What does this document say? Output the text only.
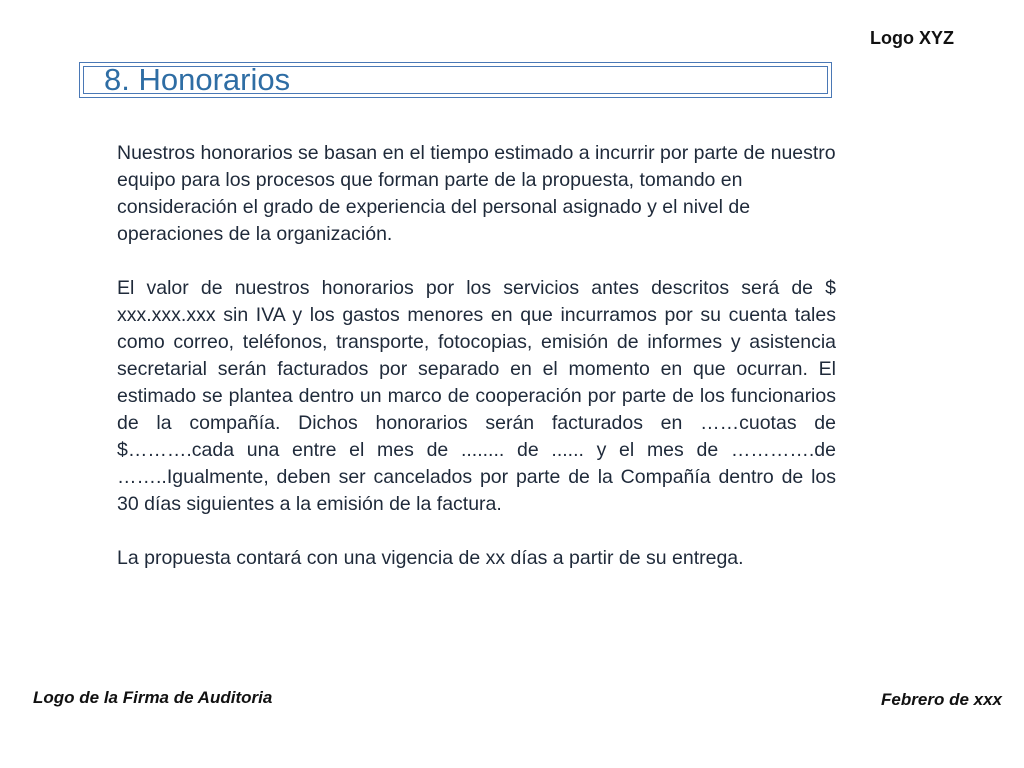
Logo XYZ
8. Honorarios

Nuestros honorarios se basan en el tiempo estimado a incurrir por parte de nuestro equipo para los procesos que forman parte de la propuesta, tomando en consideración el grado de experiencia del personal asignado y el nivel de operaciones de la organización.

El valor de nuestros honorarios por los servicios antes descritos será de $ xxx.xxx.xxx sin IVA y los gastos menores en que incurramos por su cuenta tales como correo, teléfonos, transporte, fotocopias, emisión de informes y asistencia secretarial serán facturados por separado en el momento en que ocurran. El estimado se plantea dentro un marco de cooperación por parte de los funcionarios de la compañía. Dichos honorarios serán facturados en ……cuotas de $……….cada una entre el mes de ........ de ...... y el mes de ………….de ……..Igualmente, deben ser cancelados por parte de la Compañía dentro de los 30 días siguientes a la emisión de la factura.

La propuesta contará con una vigencia de xx días a partir de su entrega.

Logo de la Firma de Auditoria	Febrero de xxx
